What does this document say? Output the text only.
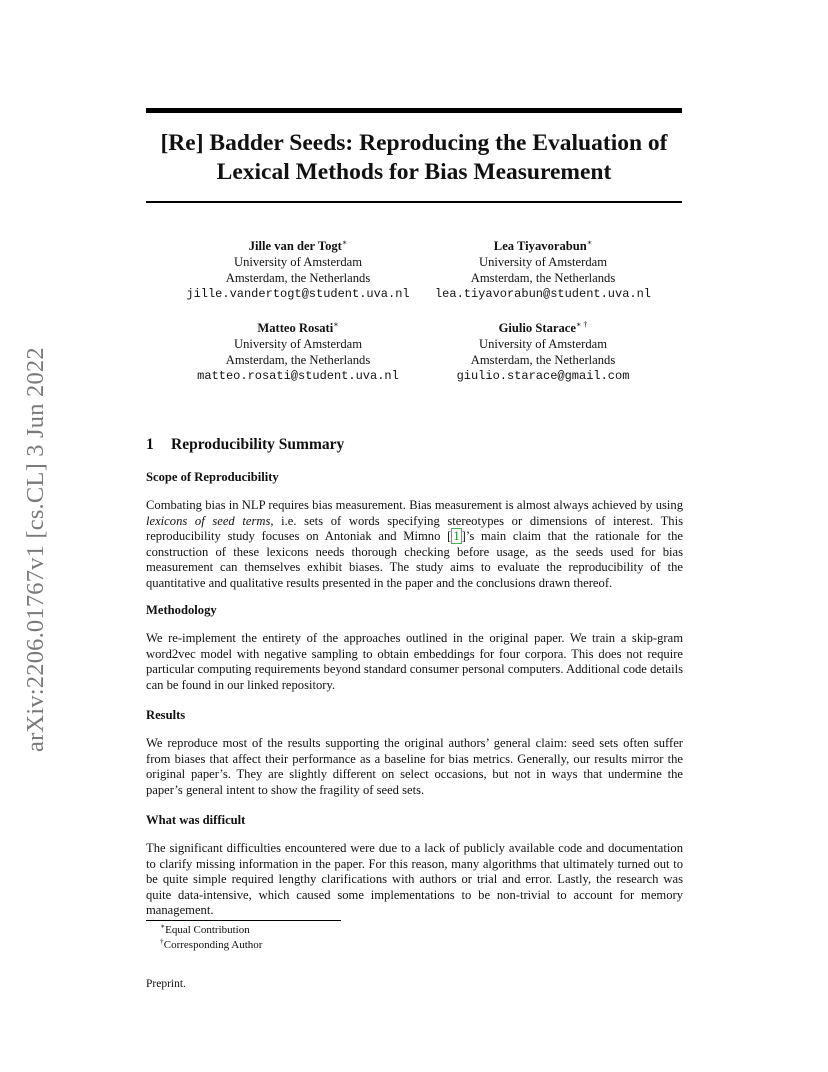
arXiv:2206.01767v1 [cs.CL] 3 Jun 2022
[Re] Badder Seeds: Reproducing the Evaluation of
Lexical Methods for Bias Measurement
Jille van der Togt∗
University of Amsterdam
Amsterdam, the Netherlands
jille.vandertogt@student.uva.nl
Lea Tiyavorabun∗
University of Amsterdam
Amsterdam, the Netherlands
lea.tiyavorabun@student.uva.nl
Matteo Rosati∗
University of Amsterdam
Amsterdam, the Netherlands
matteo.rosati@student.uva.nl
Giulio Starace∗ †
University of Amsterdam
Amsterdam, the Netherlands
giulio.starace@gmail.com
1 Reproducibility Summary
Scope of Reproducibility
Combating bias in NLP requires bias measurement. Bias measurement is almost always achieved by using lexicons of seed terms, i.e. sets of words specifying stereotypes or dimensions of interest. This reproducibility study focuses on Antoniak and Mimno [ 1 ]’s main claim that the rationale for the construction of these lexicons needs thorough checking before usage, as the seeds used for bias measurement can themselves exhibit biases. The study aims to evaluate the reproducibility of the quantitative and qualitative results presented in the paper and the conclusions drawn thereof.
Methodology
We re-implement the entirety of the approaches outlined in the original paper. We train a skip-gram word2vec model with negative sampling to obtain embeddings for four corpora. This does not require particular computing requirements beyond standard consumer personal computers. Additional code details can be found in our linked repository.
Results
We reproduce most of the results supporting the original authors’ general claim: seed sets often suffer from biases that affect their performance as a baseline for bias metrics. Generally, our results mirror the original paper’s. They are slightly different on select occasions, but not in ways that undermine the paper’s general intent to show the fragility of seed sets.
What was difficult
The significant difficulties encountered were due to a lack of publicly available code and documentation to clarify missing information in the paper. For this reason, many algorithms that ultimately turned out to be quite simple required lengthy clarifications with authors or trial and error. Lastly, the research was quite data-intensive, which caused some implementations to be non-trivial to account for memory management.
∗Equal Contribution
†Corresponding Author
Preprint.
